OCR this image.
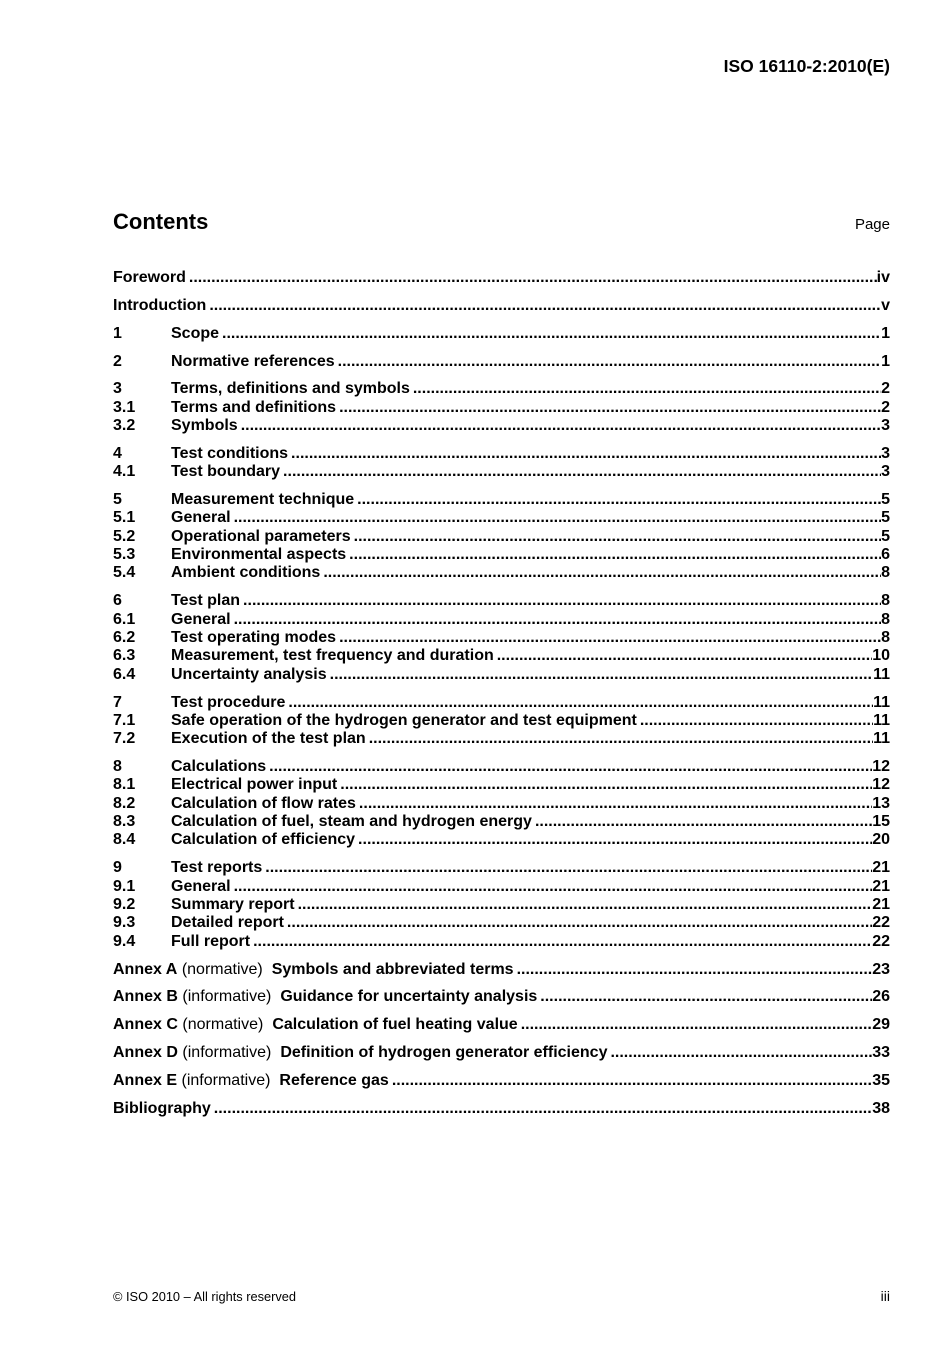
ISO 16110-2:2010(E)
Contents	Page
Foreword .....	iv
Introduction .....	v
1	Scope .....	1
2	Normative references .....	1
3	Terms, definitions and symbols .....	2
3.1	Terms and definitions .....	2
3.2	Symbols .....	3
4	Test conditions .....	3
4.1	Test boundary .....	3
5	Measurement technique .....	5
5.1	General .....	5
5.2	Operational parameters .....	5
5.3	Environmental aspects .....	6
5.4	Ambient conditions .....	8
6	Test plan .....	8
6.1	General .....	8
6.2	Test operating modes .....	8
6.3	Measurement, test frequency and duration .....	10
6.4	Uncertainty analysis .....	11
7	Test procedure .....	11
7.1	Safe operation of the hydrogen generator and test equipment .....	11
7.2	Execution of the test plan .....	11
8	Calculations .....	12
8.1	Electrical power input .....	12
8.2	Calculation of flow rates .....	13
8.3	Calculation of fuel, steam and hydrogen energy .....	15
8.4	Calculation of efficiency .....	20
9	Test reports .....	21
9.1	General .....	21
9.2	Summary report .....	21
9.3	Detailed report .....	22
9.4	Full report .....	22
Annex A (normative) Symbols and abbreviated terms .....	23
Annex B (informative) Guidance for uncertainty analysis .....	26
Annex C (normative) Calculation of fuel heating value .....	29
Annex D (informative) Definition of hydrogen generator efficiency .....	33
Annex E (informative) Reference gas .....	35
Bibliography .....	38
© ISO 2010 – All rights reserved	iii
